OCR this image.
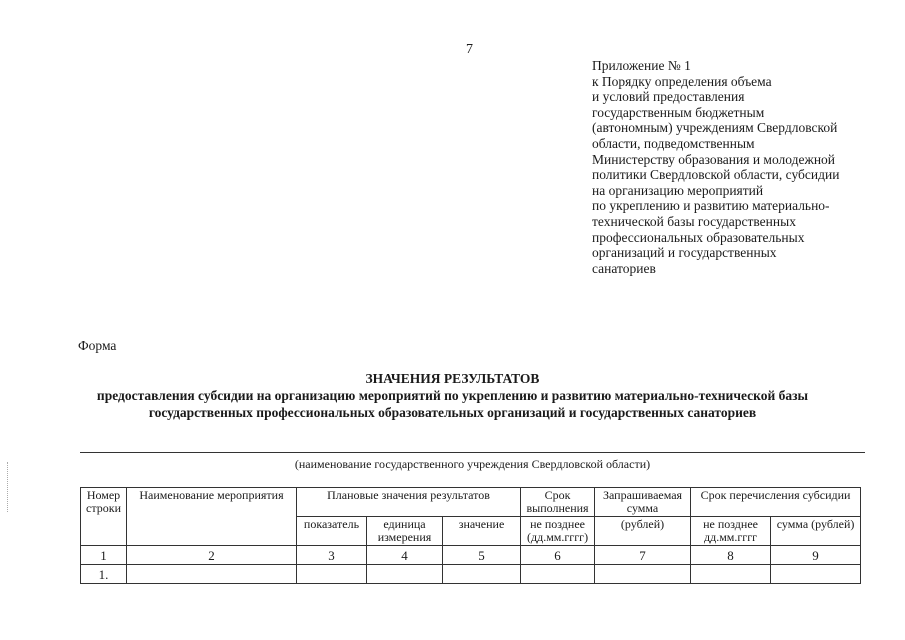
7
Приложение № 1
к Порядку определения объема
и условий предоставления
государственным бюджетным
(автономным) учреждениям Свердловской
области, подведомственным
Министерству образования и молодежной
политики Свердловской области, субсидии
на организацию мероприятий
по укреплению и развитию материально-
технической базы государственных
профессиональных образовательных
организаций и государственных
санаториев
Форма
ЗНАЧЕНИЯ РЕЗУЛЬТАТОВ
предоставления субсидии на организацию мероприятий по укреплению и развитию материально-технической базы
государственных профессиональных образовательных организаций и государственных санаториев
(наименование государственного учреждения Свердловской области)
Номер строки	Наименование мероприятия	Плановые значения результатов			Срок выполнения	Запрашиваемая сумма	Срок перечисления субсидии	
		показатель	единица измерения	значение	не позднее (дд.мм.гггг)	(рублей)	не позднее дд.мм.гггг	сумма (рублей)
1	2	3	4	5	6	7	8	9
1.								
